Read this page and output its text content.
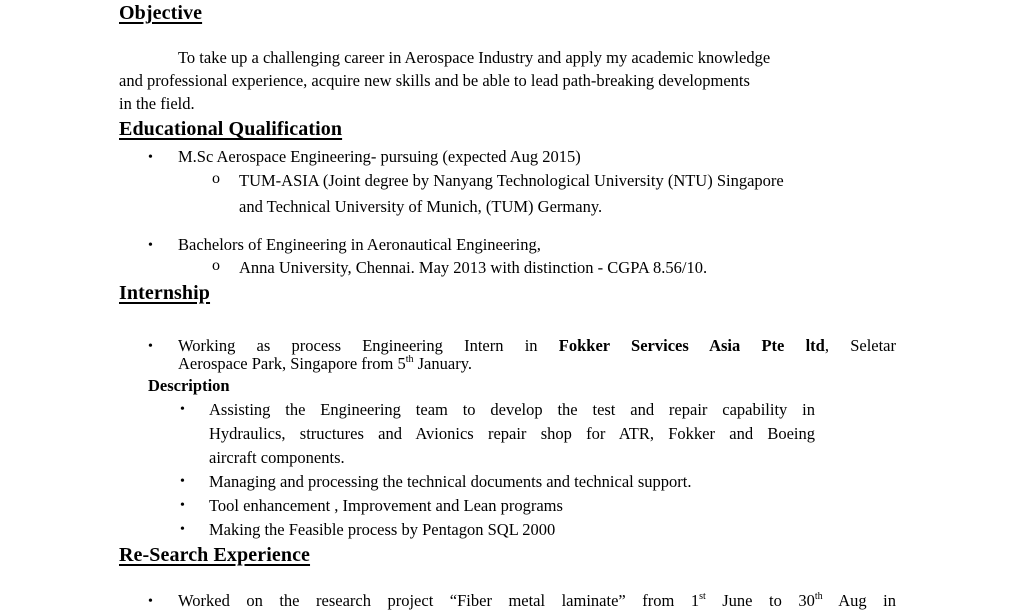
Objective
To take up a challenging career in Aerospace Industry and apply my academic knowledge
and professional experience, acquire new skills and be able to lead path-breaking developments
in the field.
Educational Qualification
• M.Sc Aerospace Engineering- pursuing (expected Aug 2015)
o TUM-ASIA (Joint degree by Nanyang Technological University (NTU) Singapore
and Technical University of Munich, (TUM) Germany.
• Bachelors of Engineering in Aeronautical Engineering,
o Anna University, Chennai. May 2013 with distinction - CGPA 8.56/10.
Internship
• Working as process Engineering Intern in Fokker Services Asia Pte ltd, Seletar
Aerospace Park, Singapore from 5th January.
Description
• Assisting the Engineering team to develop the test and repair capability in
Hydraulics, structures and Avionics repair shop for ATR, Fokker and Boeing
aircraft components.
• Managing and processing the technical documents and technical support.
• Tool enhancement , Improvement and Lean programs
• Making the Feasible process by Pentagon SQL 2000
Re-Search Experience
• Worked on the research project “Fiber metal laminate” from 1st June to 30th Aug in
